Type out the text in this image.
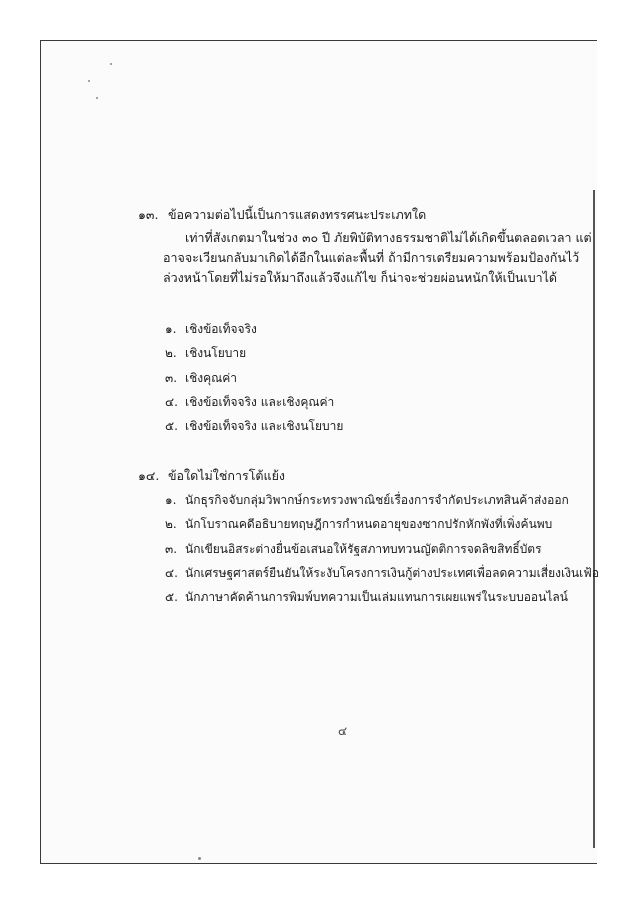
๑๓. ข้อความต่อไปนี้เป็นการแสดงทรรศนะประเภทใด
เท่าที่สังเกตมาในช่วง ๓๐ ปี ภัยพิบัติทางธรรมชาติไม่ได้เกิดขึ้นตลอดเวลา แต่
อาจจะเวียนกลับมาเกิดได้อีกในแต่ละพื้นที่ ถ้ามีการเตรียมความพร้อมป้องกันไว้
ล่วงหน้าโดยที่ไม่รอให้มาถึงแล้วจึงแก้ไข ก็น่าจะช่วยผ่อนหนักให้เป็นเบาได้
๑. เชิงข้อเท็จจริง
๒. เชิงนโยบาย
๓. เชิงคุณค่า
๔. เชิงข้อเท็จจริง และเชิงคุณค่า
๕. เชิงข้อเท็จจริง และเชิงนโยบาย
๑๔. ข้อใดไม่ใช่การโต้แย้ง
๑. นักธุรกิจจับกลุ่มวิพากษ์กระทรวงพาณิชย์เรื่องการจำกัดประเภทสินค้าส่งออก
๒. นักโบราณคดีอธิบายทฤษฎีการกำหนดอายุของซากปรักหักพังที่เพิ่งค้นพบ
๓. นักเขียนอิสระต่างยื่นข้อเสนอให้รัฐสภาทบทวนญัตติการจดลิขสิทธิ์บัตร
๔. นักเศรษฐศาสตร์ยืนยันให้ระงับโครงการเงินกู้ต่างประเทศเพื่อลดความเสี่ยงเงินเฟ้อ
๕. นักภาษาคัดค้านการพิมพ์บทความเป็นเล่มแทนการเผยแพร่ในระบบออนไลน์
๔
